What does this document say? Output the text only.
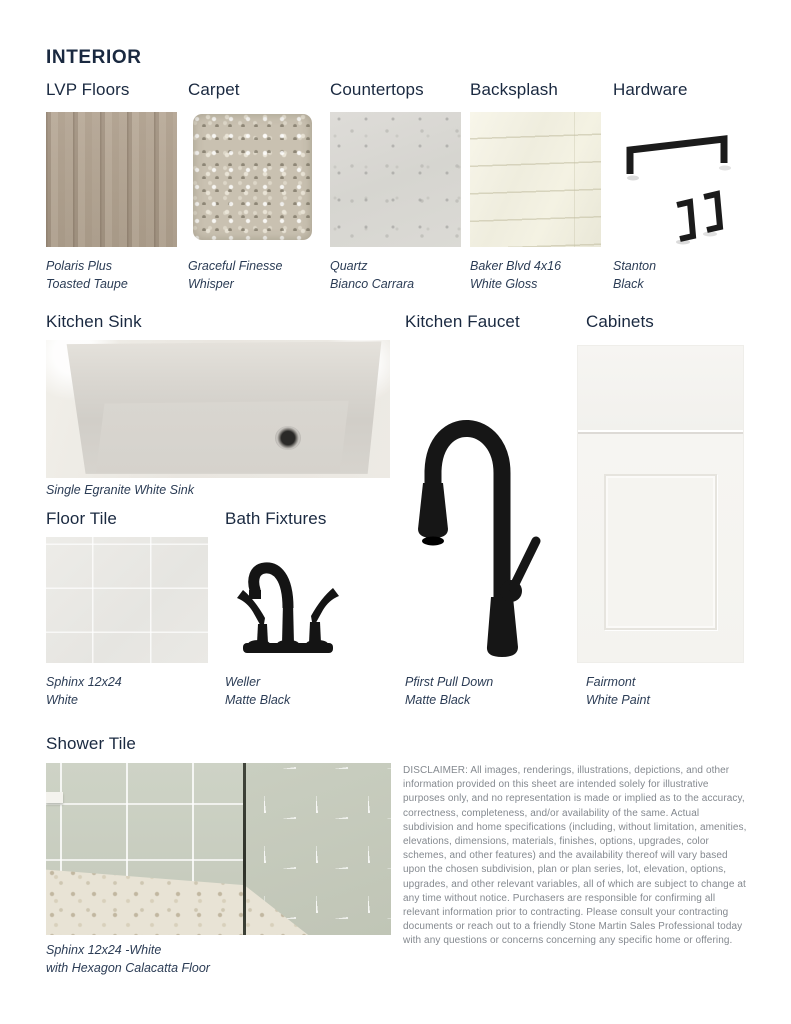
INTERIOR
LVP Floors	Carpet	Countertops	Backsplash	Hardware
Polaris Plus
Toasted Taupe
Graceful Finesse
Whisper
Quartz
Bianco Carrara
Baker Blvd 4x16
White Gloss
Stanton
Black
Kitchen Sink	Kitchen Faucet	Cabinets
Single Egranite White Sink
Floor Tile	Bath Fixtures
Sphinx 12x24
White
Weller
Matte Black
Pfirst Pull Down
Matte Black
Fairmont
White Paint
Shower Tile
Sphinx 12x24 -White
with Hexagon Calacatta Floor
DISCLAIMER: All images, renderings, illustrations, depictions, and other information provided on this sheet are intended solely for illustrative purposes only, and no representation is made or implied as to the accuracy, correctness, completeness, and/or availability of the same. Actual subdivision and home specifications (including, without limitation, amenities, elevations, dimensions, materials, finishes, options, upgrades, color schemes, and other features) and the availability thereof will vary based upon the chosen subdivision, plan or plan series, lot, elevation, options, upgrades, and other relevant variables, all of which are subject to change at any time without notice. Purchasers are responsible for confirming all relevant information prior to contracting. Please consult your contracting documents or reach out to a friendly Stone Martin Sales Professional today with any questions or concerns concerning any specific home or offering.
